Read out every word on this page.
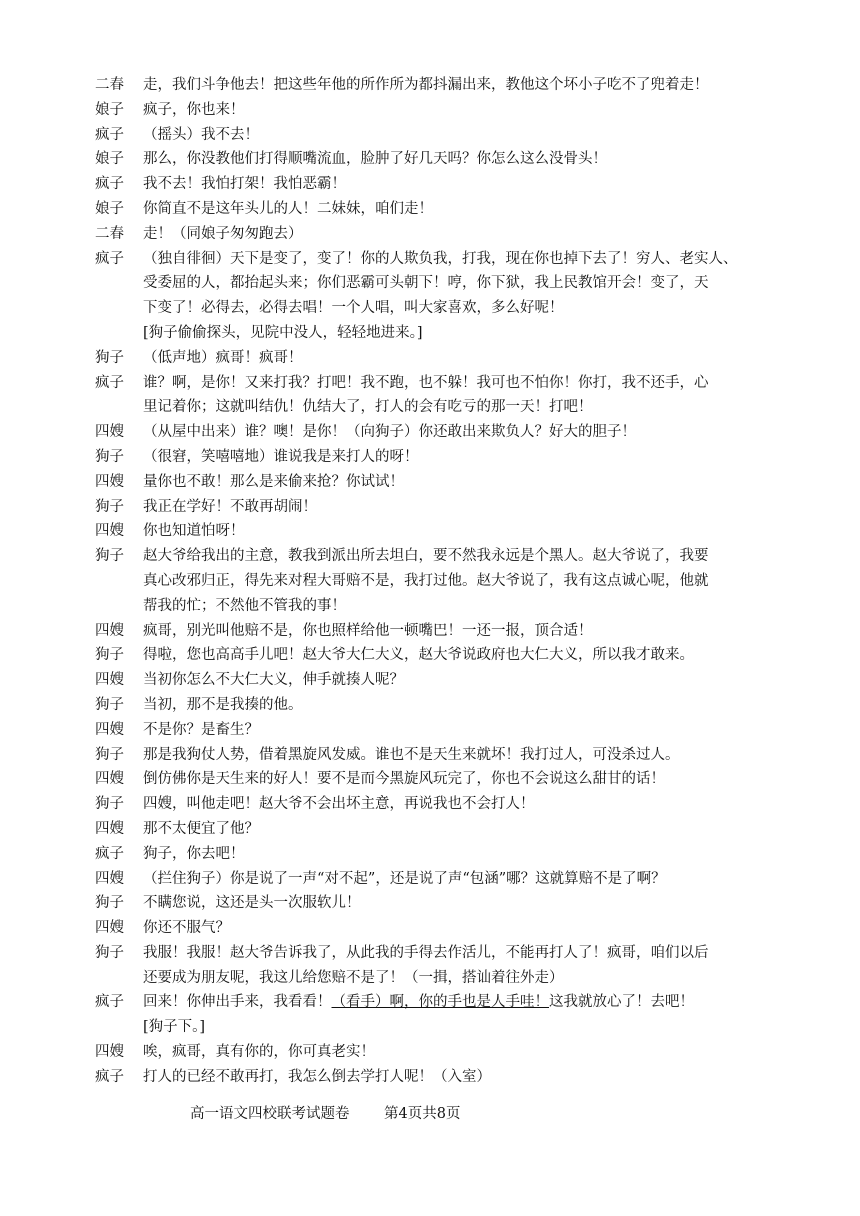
二春 走，我们斗争他去！把这些年他的所作所为都抖漏出来，教他这个坏小子吃不了兜着走！
娘子 疯子，你也来！
疯子 （摇头）我不去！
娘子 那么，你没教他们打得顺嘴流血，脸肿了好几天吗？你怎么这么没骨头！
疯子 我不去！我怕打架！我怕恶霸！
娘子 你简直不是这年头儿的人！二妹妹，咱们走！
二春 走！（同娘子匆匆跑去）
疯子 （独自徘徊）天下是变了，变了！你的人欺负我，打我，现在你也掉下去了！穷人、老实人、
受委屈的人，都抬起头来；你们恶霸可头朝下！哼，你下狱，我上民教馆开会！变了，天
下变了！必得去，必得去唱！一个人唱，叫大家喜欢，多么好呢！
[狗子偷偷探头，见院中没人，轻轻地进来。]
狗子 （低声地）疯哥！疯哥！
疯子 谁？啊，是你！又来打我？打吧！我不跑，也不躲！我可也不怕你！你打，我不还手，心
里记着你；这就叫结仇！仇结大了，打人的会有吃亏的那一天！打吧！
四嫂 （从屋中出来）谁？噢！是你！（向狗子）你还敢出来欺负人？好大的胆子！
狗子 （很窘，笑嘻嘻地）谁说我是来打人的呀！
四嫂 量你也不敢！那么是来偷来抢？你试试！
狗子 我正在学好！不敢再胡闹！
四嫂 你也知道怕呀！
狗子 赵大爷给我出的主意，教我到派出所去坦白，要不然我永远是个黑人。赵大爷说了，我要
真心改邪归正，得先来对程大哥赔不是，我打过他。赵大爷说了，我有这点诚心呢，他就
帮我的忙；不然他不管我的事！
四嫂 疯哥，别光叫他赔不是，你也照样给他一顿嘴巴！一还一报，顶合适！
狗子 得啦，您也高高手儿吧！赵大爷大仁大义，赵大爷说政府也大仁大义，所以我才敢来。
四嫂 当初你怎么不大仁大义，伸手就揍人呢？
狗子 当初，那不是我揍的他。
四嫂 不是你？是畜生？
狗子 那是我狗仗人势，借着黑旋风发威。谁也不是天生来就坏！我打过人，可没杀过人。
四嫂 倒仿佛你是天生来的好人！要不是而今黑旋风玩完了，你也不会说这么甜甘的话！
狗子 四嫂，叫他走吧！赵大爷不会出坏主意，再说我也不会打人！
四嫂 那不太便宜了他？
疯子 狗子，你去吧！
四嫂 （拦住狗子）你是说了一声“对不起”，还是说了声“包涵”哪？这就算赔不是了啊？
狗子 不瞒您说，这还是头一次服软儿！
四嫂 你还不服气？
狗子 我服！我服！赵大爷告诉我了，从此我的手得去作活儿，不能再打人了！疯哥，咱们以后
还要成为朋友呢，我这儿给您赔不是了！（一揖，搭讪着往外走）
疯子 回来！你伸出手来，我看看！（看手）啊，你的手也是人手哇！这我就放心了！去吧！
[狗子下。]
四嫂 唉，疯哥，真有你的，你可真老实！
疯子 打人的已经不敢再打，我怎么倒去学打人呢！（入室）
高一语文四校联考试题卷 第4页共8页
